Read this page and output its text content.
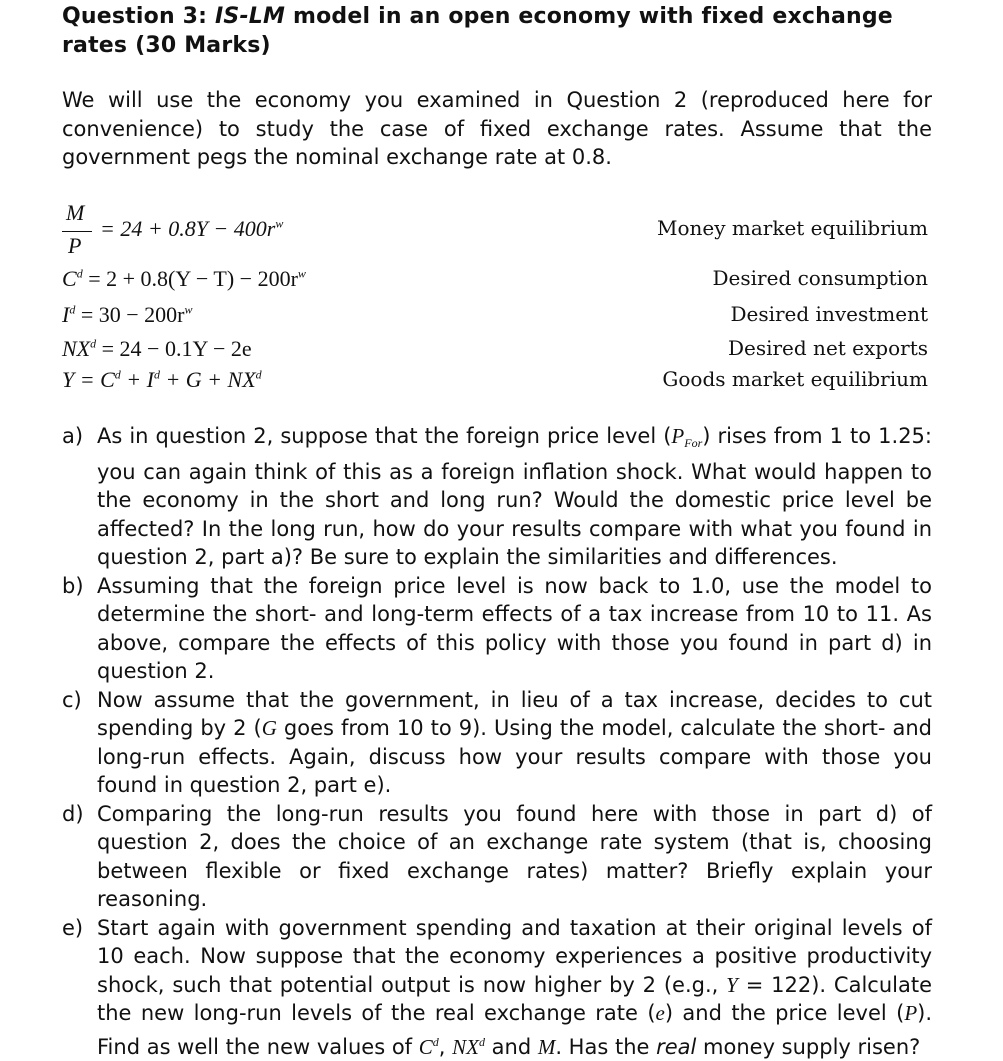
Question 3: IS-LM model in an open economy with fixed exchange rates (30 Marks)
We will use the economy you examined in Question 2 (reproduced here for convenience) to study the case of fixed exchange rates. Assume that the government pegs the nominal exchange rate at 0.8.
M
P
= $24 + 0.8Y - 400r^w$	Money market equilibrium
$C^d = 2 + 0.8(Y - T) - 200r^w$	Desired consumption
$I^d = 30 - 200r^w$	Desired investment
$NX^d = 24 - 0.1Y - 2e$	Desired net exports
$Y = C^d + I^d + G + NX^d$	Goods market equilibrium
a) As in question 2, suppose that the foreign price level $(P_{For})$ rises from 1 to 1.25: you can again think of this as a foreign inflation shock. What would happen to the economy in the short and long run? Would the domestic price level be affected? In the long run, how do your results compare with what you found in question 2, part a)? Be sure to explain the similarities and differences.
b) Assuming that the foreign price level is now back to 1.0, use the model to determine the short- and long-term effects of a tax increase from 10 to 11. As above, compare the effects of this policy with those you found in part d) in question 2.
c) Now assume that the government, in lieu of a tax increase, decides to cut spending by 2 (G goes from 10 to 9). Using the model, calculate the short- and long-run effects. Again, discuss how your results compare with those you found in question 2, part e).
d) Comparing the long-run results you found here with those in part d) of question 2, does the choice of an exchange rate system (that is, choosing between flexible or fixed exchange rates) matter? Briefly explain your reasoning.
e) Start again with government spending and taxation at their original levels of 10 each. Now suppose that the economy experiences a positive productivity shock, such that potential output is now higher by 2 (e.g., Y = 122). Calculate the new long-run levels of the real exchange rate (e) and the price level (P). Find as well the new values of $C^d$, $NX^d$ and M. Has the real money supply risen?
